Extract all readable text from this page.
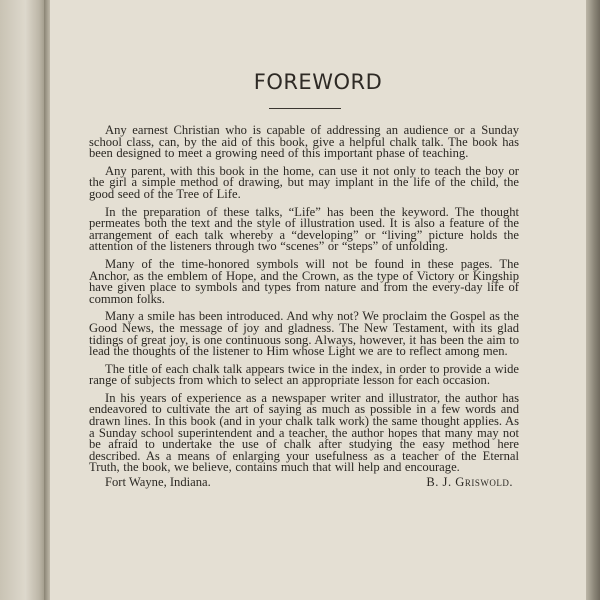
FOREWORD

Any earnest Christian who is capable of addressing an audience or a Sunday school class, can, by the aid of this book, give a helpful chalk talk. The book has been designed to meet a growing need of this important phase of teaching.

Any parent, with this book in the home, can use it not only to teach the boy or the girl a simple method of drawing, but may implant in the life of the child, the good seed of the Tree of Life.

In the preparation of these talks, “Life” has been the keyword. The thought permeates both the text and the style of illustration used. It is also a feature of the arrangement of each talk whereby a “developing” or “living” picture holds the attention of the listeners through two “scenes” or “steps” of unfolding.

Many of the time-honored symbols will not be found in these pages. The Anchor, as the emblem of Hope, and the Crown, as the type of Victory or Kingship have given place to symbols and types from nature and from the every-day life of common folks.

Many a smile has been introduced. And why not? We proclaim the Gospel as the Good News, the message of joy and gladness. The New Testament, with its glad tidings of great joy, is one continuous song. Always, however, it has been the aim to lead the thoughts of the listener to Him whose Light we are to reflect among men.

The title of each chalk talk appears twice in the index, in order to provide a wide range of subjects from which to select an appropriate lesson for each occasion.

In his years of experience as a newspaper writer and illustrator, the author has endeavored to cultivate the art of saying as much as possible in a few words and drawn lines. In this book (and in your chalk talk work) the same thought applies. As a Sunday school superintendent and a teacher, the author hopes that many may not be afraid to undertake the use of chalk after studying the easy method here described. As a means of enlarging your usefulness as a teacher of the Eternal Truth, the book, we believe, contains much that will help and encourage.

Fort Wayne, Indiana.	B. J. Griswold.
